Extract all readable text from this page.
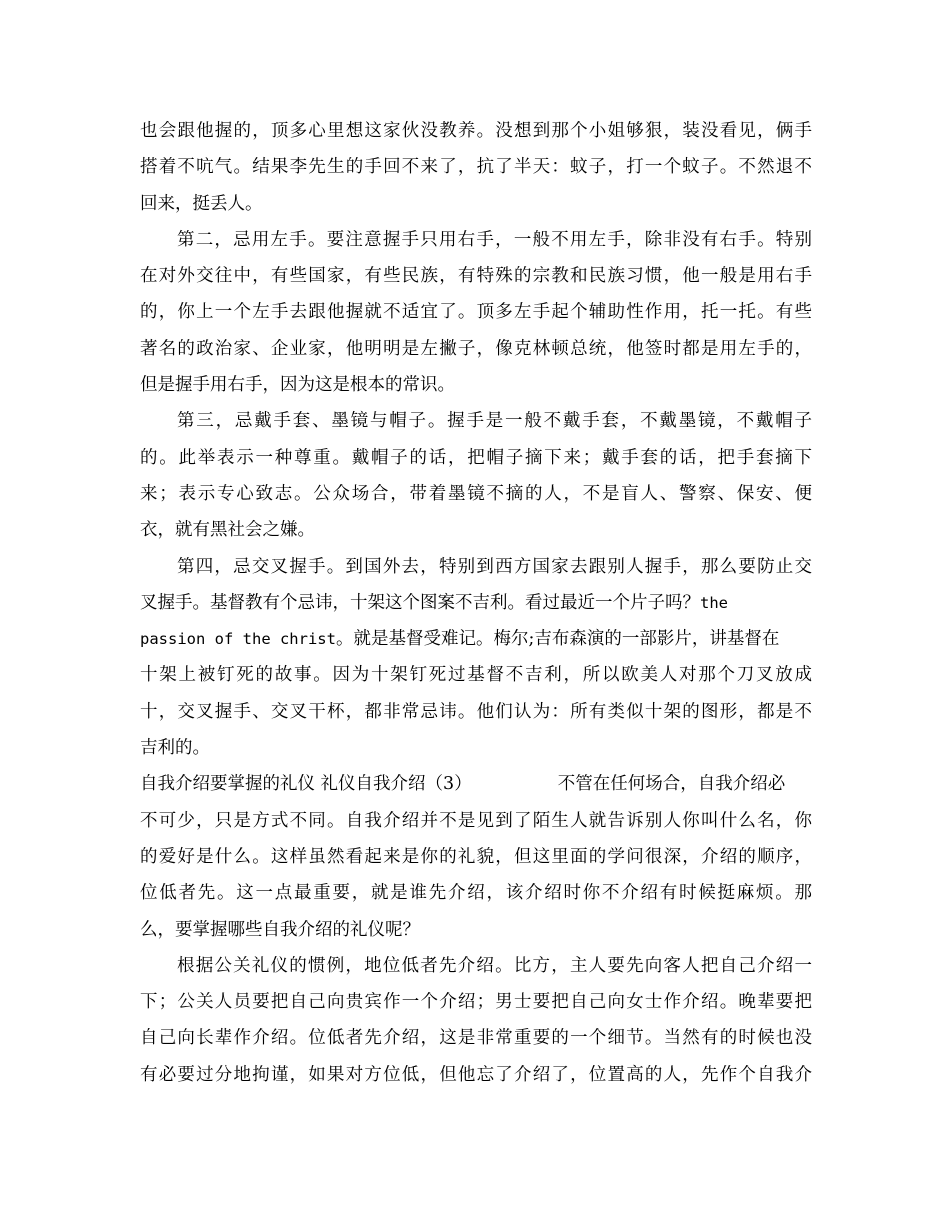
也会跟他握的，顶多心里想这家伙没教养。没想到那个小姐够狠，装没看见，俩手
搭着不吭气。结果李先生的手回不来了，抗了半天：蚊子，打一个蚊子。不然退不
回来，挺丢人。
第二，忌用左手。要注意握手只用右手，一般不用左手，除非没有右手。特别
在对外交往中，有些国家，有些民族，有特殊的宗教和民族习惯，他一般是用右手
的，你上一个左手去跟他握就不适宜了。顶多左手起个辅助性作用，托一托。有些
著名的政治家、企业家，他明明是左撇子，像克林顿总统，他签时都是用左手的，
但是握手用右手，因为这是根本的常识。
第三，忌戴手套、墨镜与帽子。握手是一般不戴手套，不戴墨镜，不戴帽子
的。此举表示一种尊重。戴帽子的话，把帽子摘下来；戴手套的话，把手套摘下
来；表示专心致志。公众场合，带着墨镜不摘的人，不是盲人、警察、保安、便
衣，就有黑社会之嫌。
第四，忌交叉握手。到国外去，特别到西方国家去跟别人握手，那么要防止交
叉握手。基督教有个忌讳，十架这个图案不吉利。看过最近一个片子吗？the
passion of the christ。就是基督受难记。梅尔;吉布森演的一部影片，讲基督在
十架上被钉死的故事。因为十架钉死过基督不吉利，所以欧美人对那个刀叉放成
十，交叉握手、交叉干杯，都非常忌讳。他们认为：所有类似十架的图形，都是不
吉利的。
自我介绍要掌握的礼仪 礼仪自我介绍（3）	不管在任何场合，自我介绍必
不可少，只是方式不同。自我介绍并不是见到了陌生人就告诉别人你叫什么名，你
的爱好是什么。这样虽然看起来是你的礼貌，但这里面的学问很深，介绍的顺序，
位低者先。这一点最重要，就是谁先介绍，该介绍时你不介绍有时候挺麻烦。那
么，要掌握哪些自我介绍的礼仪呢？
根据公关礼仪的惯例，地位低者先介绍。比方，主人要先向客人把自己介绍一
下；公关人员要把自己向贵宾作一个介绍；男士要把自己向女士作介绍。晚辈要把
自己向长辈作介绍。位低者先介绍，这是非常重要的一个细节。当然有的时候也没
有必要过分地拘谨，如果对方位低，但他忘了介绍了，位置高的人，先作个自我介
